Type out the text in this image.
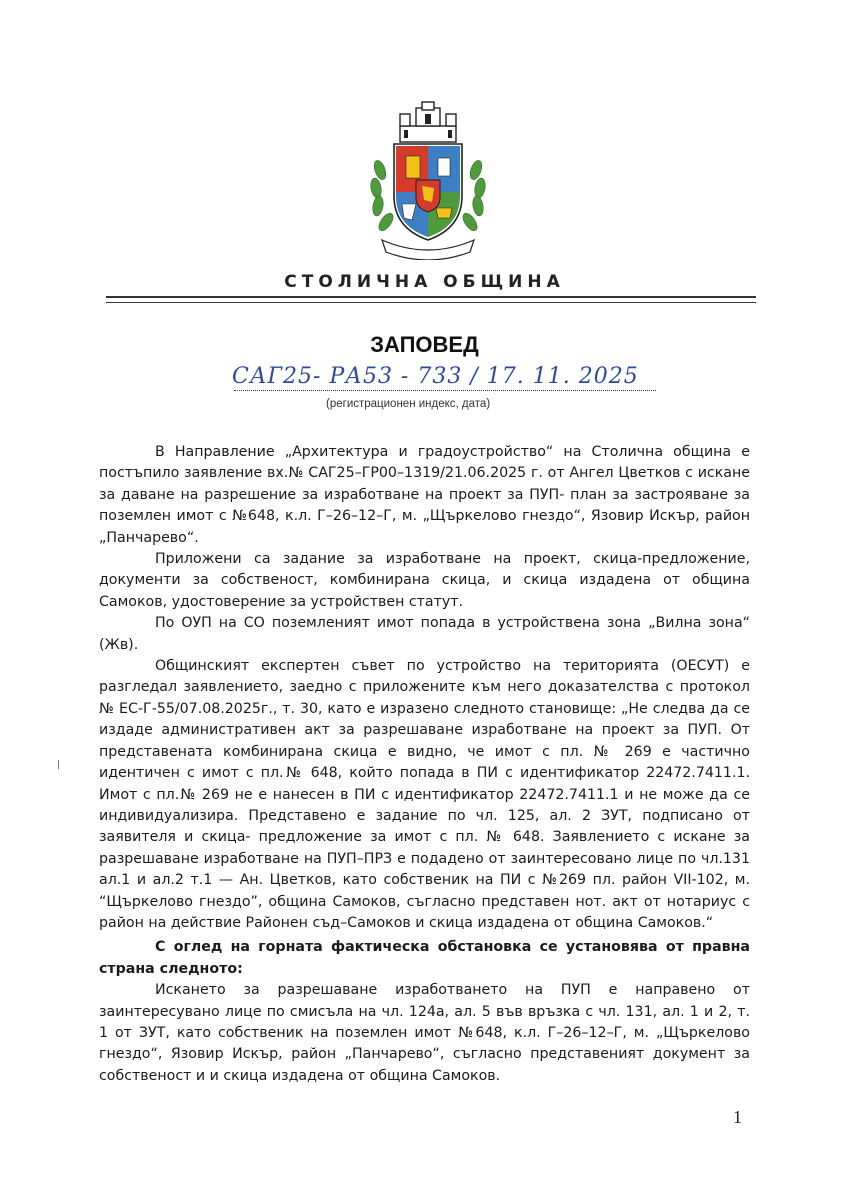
СТОЛИЧНА ОБЩИНА
ЗАПОВЕД
САГ25- РА53 - 733 / 17. 11. 2025
(регистрационен индекс, дата)

В Направление „Архитектура и градоустройство“ на Столична община е постъпило заявление вх.№ САГ25–ГР00–1319/21.06.2025 г. от Ангел Цветков с искане за даване на разрешение за изработване на проект за ПУП- план за застрояване за поземлен имот с №648, к.л. Г–26–12–Г, м. „Щъркелово гнездо“, Язовир Искър, район „Панчарево“.

Приложени са задание за изработване на проект, скица-предложение, документи за собственост, комбинирана скица, и скица издадена от община Самоков, удостоверение за устройствен статут.

По ОУП на СО поземленият имот попада в устройствена зона „Вилна зона“ (Жв).

Общинският експертен съвет по устройство на територията (ОЕСУТ) е разгледал заявлението, заедно с приложените към него доказателства с протокол № ЕС-Г-55/07.08.2025г., т. 30, като е изразено следното становище: „Не следва да се издаде административен акт за разрешаване изработване на проект за ПУП. От представената комбинирана скица е видно, че имот с пл. № 269 е частично идентичен с имот с пл.№ 648, който попада в ПИ с идентификатор 22472.7411.1. Имот с пл.№ 269 не е нанесен в ПИ с идентификатор 22472.7411.1 и не може да се индивидуализира. Представено е задание по чл. 125, ал. 2 ЗУТ, подписано от заявителя и скица- предложение за имот с пл. № 648. Заявлението с искане за разрешаване изработване на ПУП–ПРЗ е подадено от заинтересовано лице по чл.131 ал.1 и ал.2 т.1 — Ан. Цветков, като собственик на ПИ с №269 пл. район VII-102, м. “Щъркелово гнездо”, община Самоков, съгласно представен нот. акт от нотариус с район на действие Районен съд–Самоков и скица издадена от община Самоков.“

С оглед на горната фактическа обстановка се установява от правна страна следното:

Искането за разрешаване изработването на ПУП е направено от заинтересувано лице по смисъла на чл. 124а, ал. 5 във връзка с чл. 131, ал. 1 и 2, т. 1 от ЗУТ, като собственик на поземлен имот №648, к.л. Г–26–12–Г, м. „Щъркелово гнездо“, Язовир Искър, район „Панчарево“, съгласно представеният документ за собственост и и скица издадена от община Самоков.

1
